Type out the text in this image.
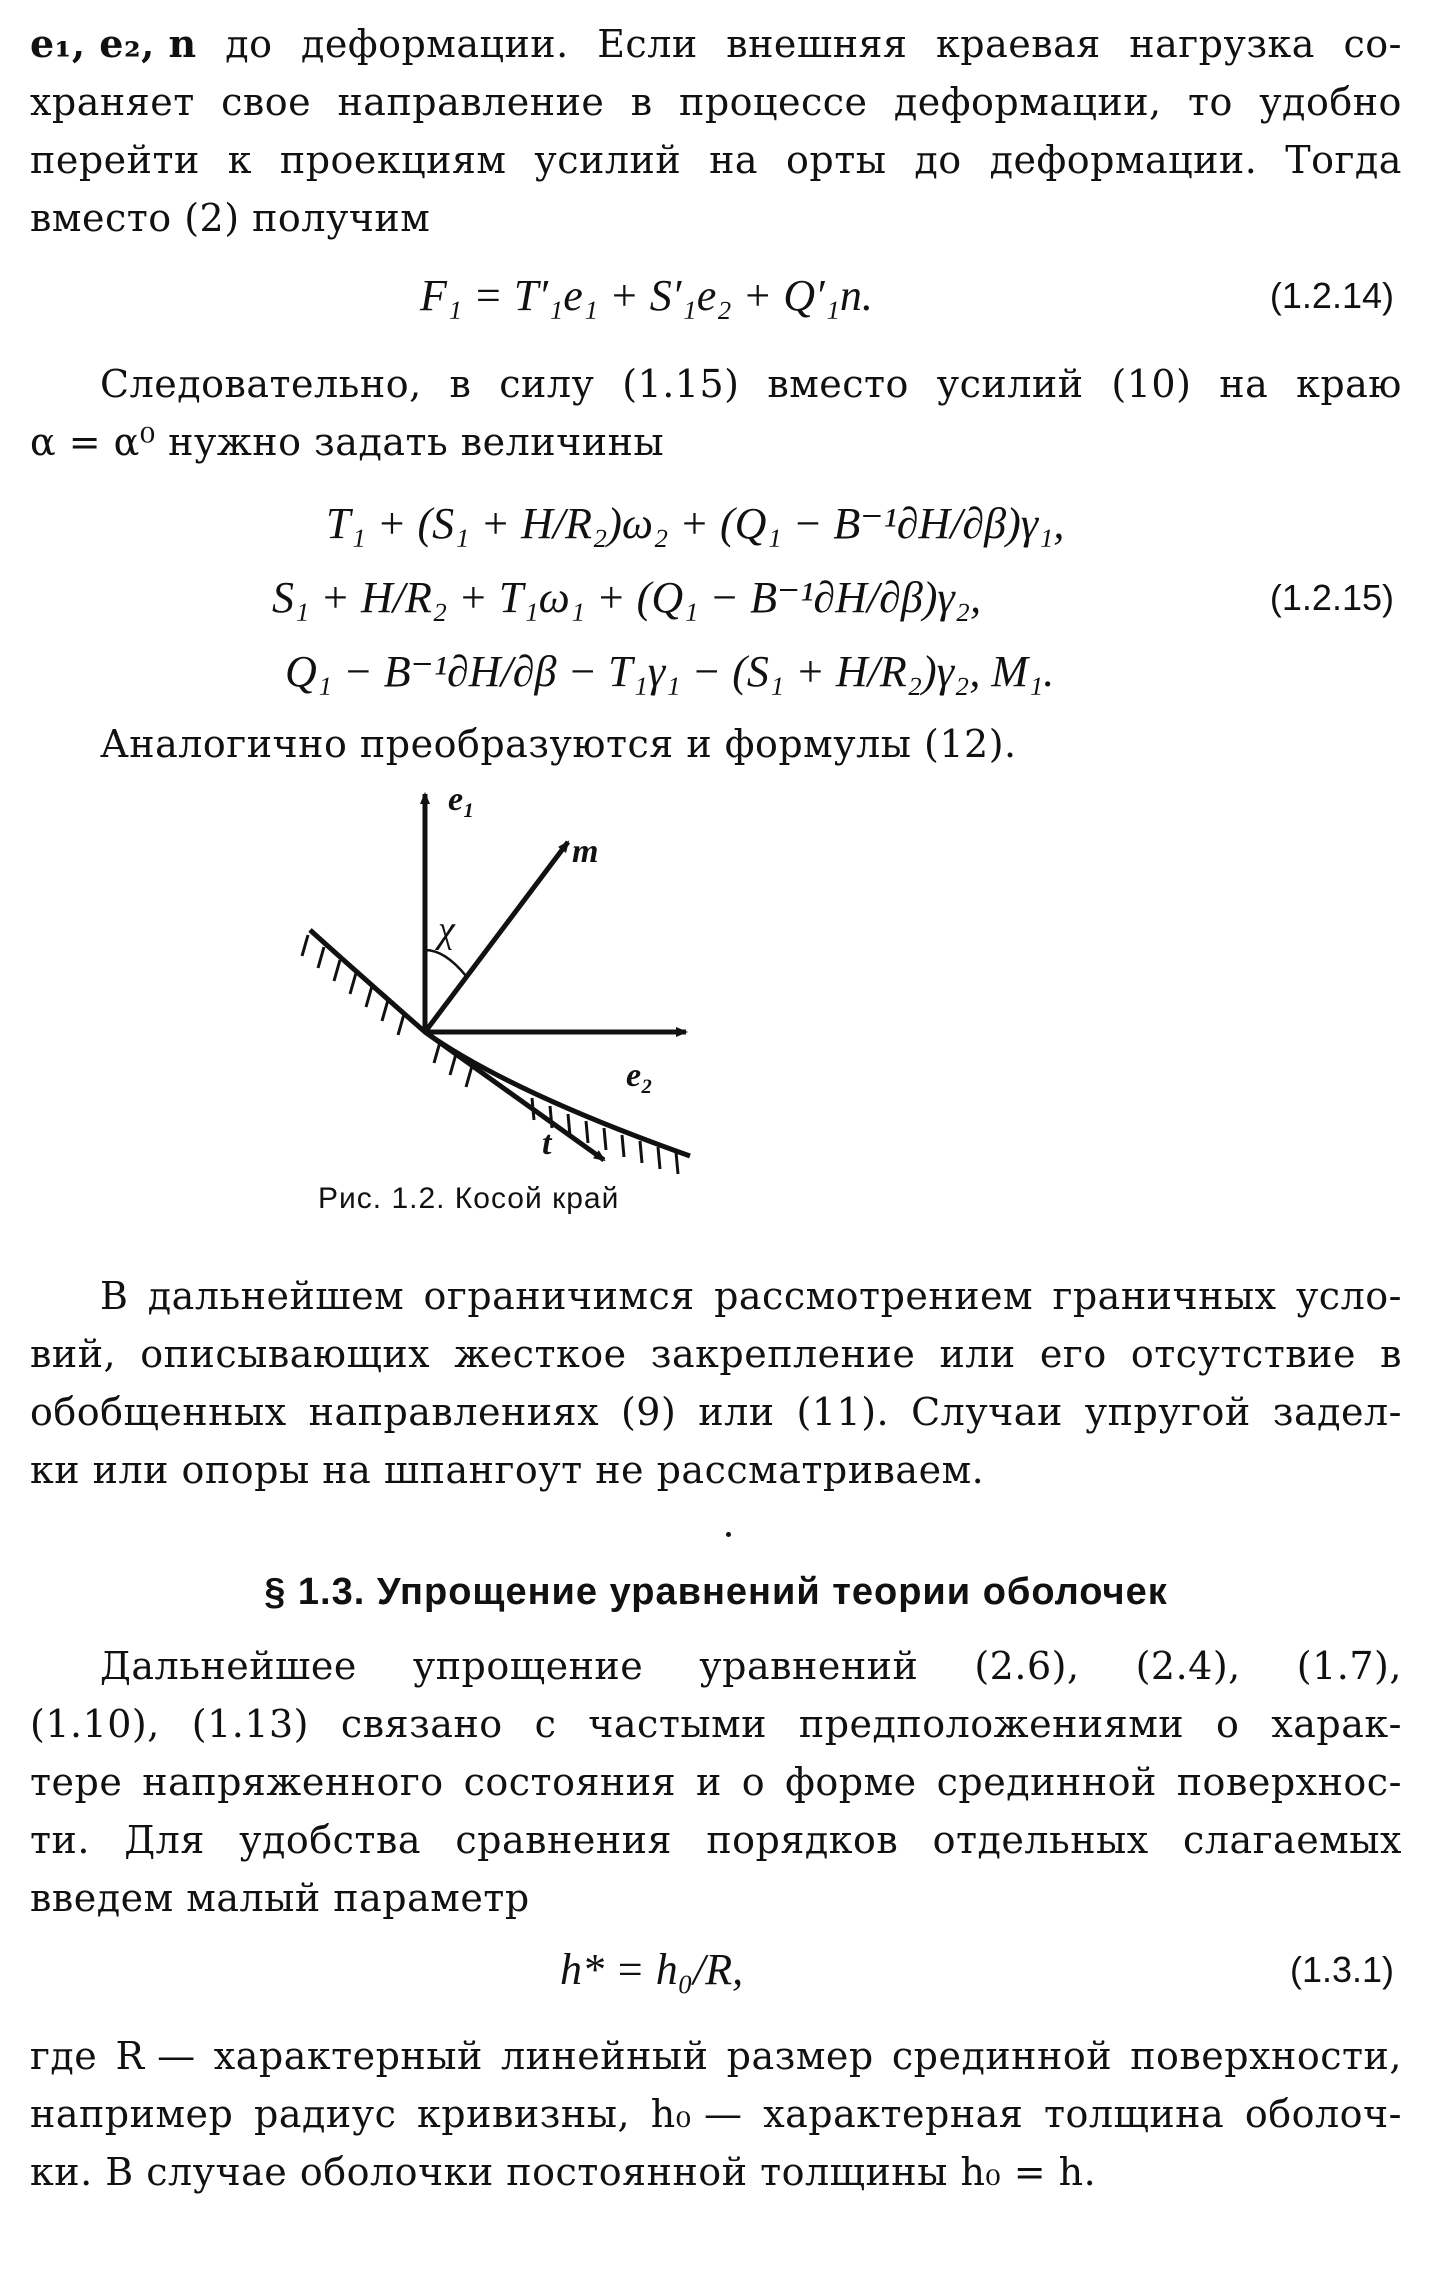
e₁, e₂, n до деформации. Если внешняя краевая нагрузка со-
храняет свое направление в процессе деформации, то удобно
перейти к проекциям усилий на орты до деформации. Тогда
вместо (2) получим
F₁ = T′₁e₁ + S′₁e₂ + Q′₁n.	(1.2.14)
Следовательно, в силу (1.15) вместо усилий (10) на краю
α = α⁰ нужно задать величины
T₁ + (S₁ + H/R₂)ω₂ + (Q₁ − B⁻¹∂H/∂β)γ₁,
S₁ + H/R₂ + T₁ω₁ + (Q₁ − B⁻¹∂H/∂β)γ₂,
Q₁ − B⁻¹∂H/∂β − T₁γ₁ − (S₁ + H/R₂)γ₂, M₁.
(1.2.15)
Аналогично преобразуются и формулы (12).
e₁
m
χ
e₂
t
Рис. 1.2. Косой край
В дальнейшем ограничимся рассмотрением граничных усло-
вий, описывающих жесткое закрепление или его отсутствие в
обобщенных направлениях (9) или (11). Случаи упругой задел-
ки или опоры на шпангоут не рассматриваем.
§ 1.3. Упрощение уравнений теории оболочек
Дальнейшее упрощение уравнений (2.6), (2.4), (1.7),
(1.10), (1.13) связано с частыми предположениями о харак-
тере напряженного состояния и о форме срединной поверхнос-
ти. Для удобства сравнения порядков отдельных слагаемых
введем малый параметр
h* = h₀/R,	(1.3.1)
где R — характерный линейный размер срединной поверхности,
например радиус кривизны, h₀ — характерная толщина оболоч-
ки. В случае оболочки постоянной толщины h₀ = h.
